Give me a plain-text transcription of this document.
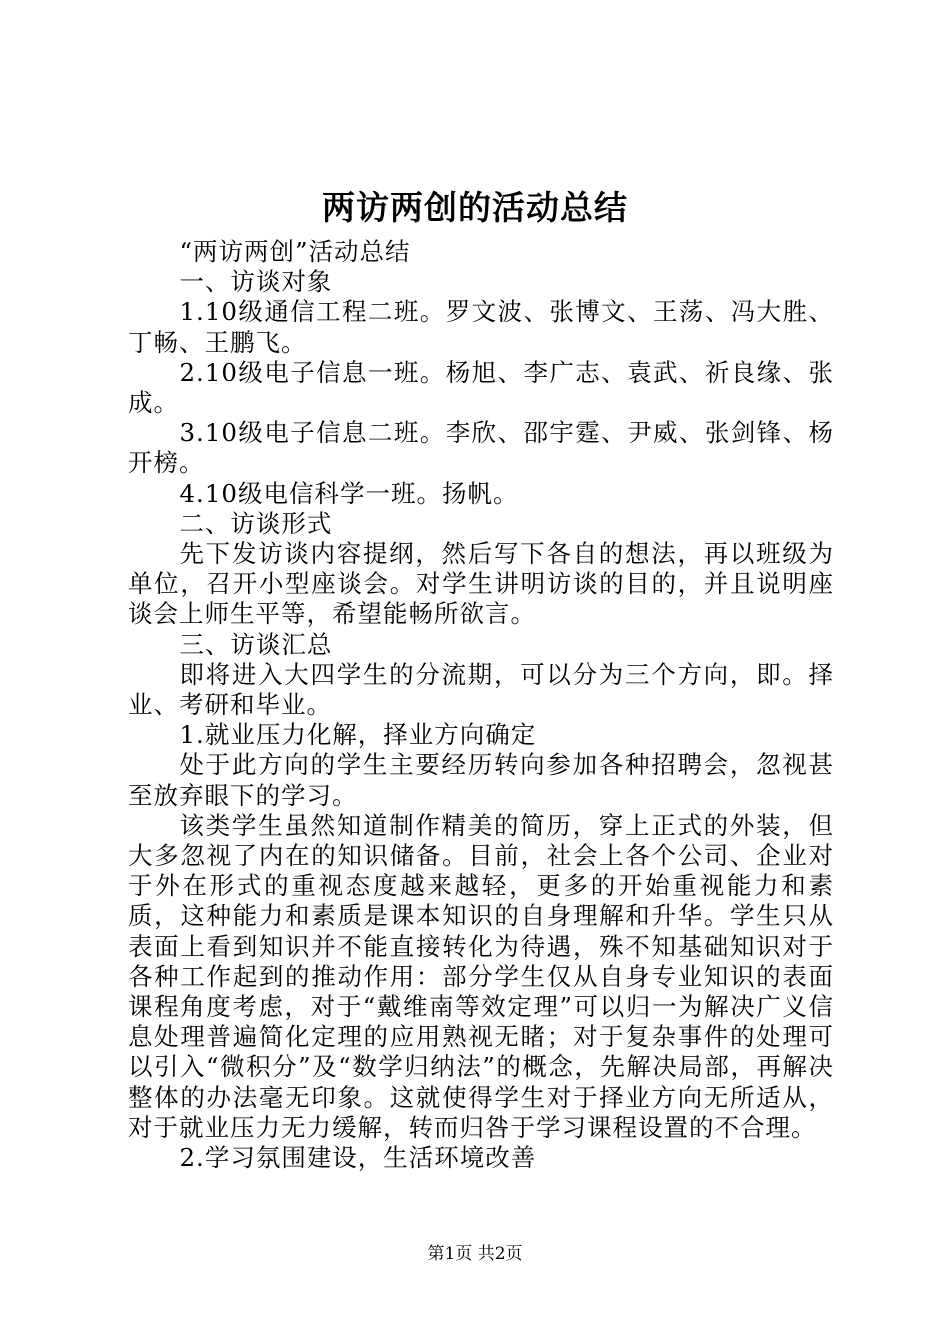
两访两创的活动总结

“两访两创”活动总结

一、访谈对象

1.10级通信工程二班。罗文波、张博文、王荡、冯大胜、丁畅、王鹏飞。

2.10级电子信息一班。杨旭、李广志、袁武、祈良缘、张成。

3.10级电子信息二班。李欣、邵宇霆、尹威、张剑锋、杨开榜。

4.10级电信科学一班。扬帆。

二、访谈形式

先下发访谈内容提纲，然后写下各自的想法，再以班级为单位，召开小型座谈会。对学生讲明访谈的目的，并且说明座谈会上师生平等，希望能畅所欲言。

三、访谈汇总

即将进入大四学生的分流期，可以分为三个方向，即。择业、考研和毕业。

1.就业压力化解，择业方向确定

处于此方向的学生主要经历转向参加各种招聘会，忽视甚至放弃眼下的学习。

该类学生虽然知道制作精美的简历，穿上正式的外装，但大多忽视了内在的知识储备。目前，社会上各个公司、企业对于外在形式的重视态度越来越轻，更多的开始重视能力和素质，这种能力和素质是课本知识的自身理解和升华。学生只从表面上看到知识并不能直接转化为待遇，殊不知基础知识对于各种工作起到的推动作用：部分学生仅从自身专业知识的表面课程角度考虑，对于“戴维南等效定理”可以归一为解决广义信息处理普遍简化定理的应用熟视无睹；对于复杂事件的处理可以引入“微积分”及“数学归纳法”的概念，先解决局部，再解决整体的办法毫无印象。这就使得学生对于择业方向无所适从，对于就业压力无力缓解，转而归咎于学习课程设置的不合理。

2.学习氛围建设，生活环境改善

第1页 共2页
